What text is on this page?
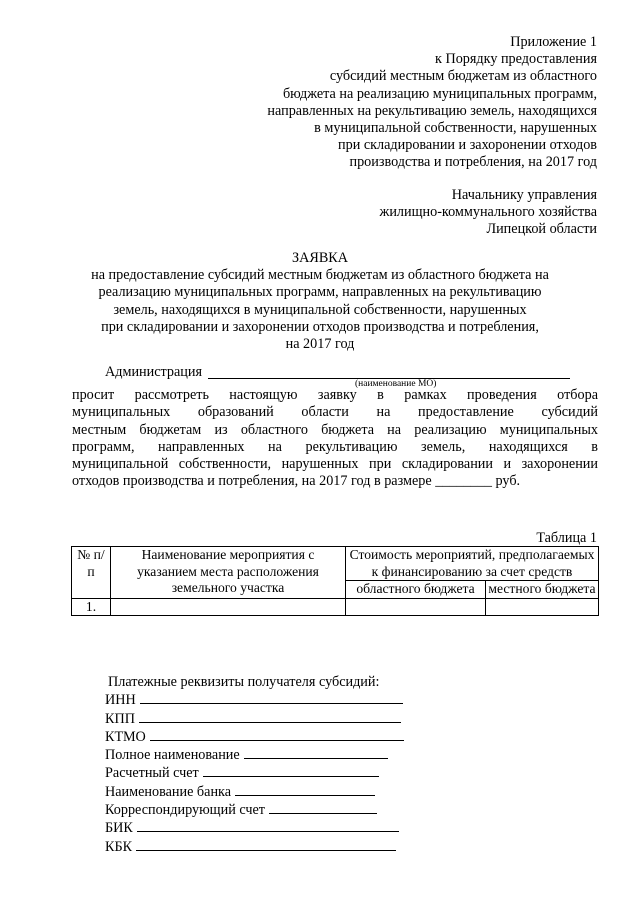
Приложение 1
к Порядку предоставления
субсидий местным бюджетам из областного
бюджета на реализацию муниципальных программ,
направленных на рекультивацию земель, находящихся
в муниципальной собственности, нарушенных
при складировании и захоронении отходов
производства и потребления, на 2017 год
Начальнику управления
жилищно-коммунального хозяйства
Липецкой области
ЗАЯВКА
на предоставление субсидий местным бюджетам из областного бюджета на
реализацию муниципальных программ, направленных на рекультивацию
земель, находящихся в муниципальной собственности, нарушенных
при складировании и захоронении отходов производства и потребления,
на 2017 год
Администрация
(наименование МО)
просит рассмотреть настоящую заявку в рамках проведения отбора
муниципальных образований области на предоставление субсидий
местным бюджетам из областного бюджета на реализацию муниципальных
программ, направленных на рекультивацию земель, находящихся в
муниципальной собственности, нарушенных при складировании и захоронении
отходов производства и потребления, на 2017 год в размере ________ руб.
Таблица 1
№ п/п	Наименование мероприятия с указанием места расположения земельного участка	Стоимость мероприятий, предполагаемых к финансированию за счет средств	
		областного бюджета	местного бюджета
1.			
Платежные реквизиты получателя субсидий:
ИНН
КПП
КТМО
Полное наименование
Расчетный счет
Наименование банка
Корреспондирующий счет
БИК
КБК
